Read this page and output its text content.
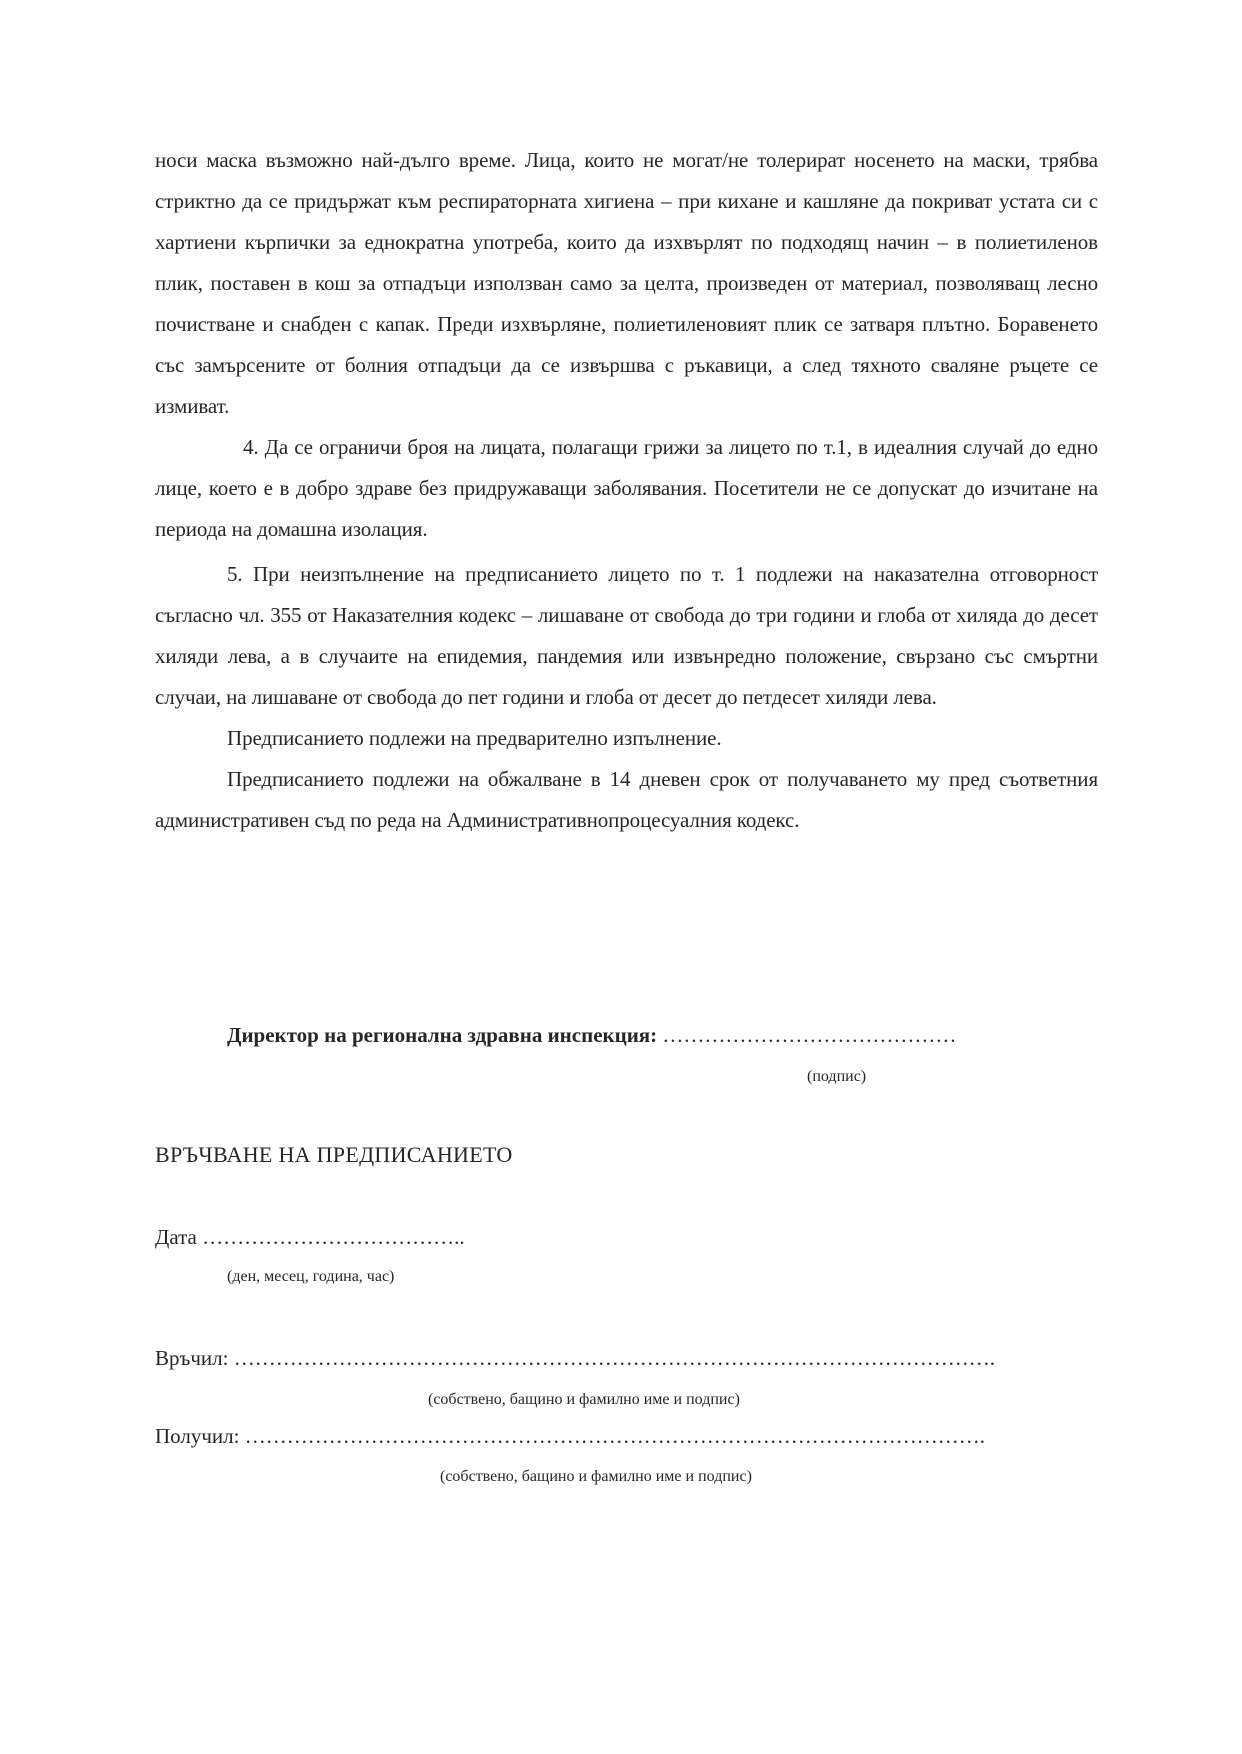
носи маска възможно най-дълго време. Лица, които не могат/не толерират носенето на маски, трябва стриктно да се придържат към респираторната хигиена – при кихане и кашляне да покриват устата си с хартиени кърпички за еднократна употреба, които да изхвърлят по подходящ начин – в полиетиленов плик, поставен в кош за отпадъци използван само за целта, произведен от материал, позволяващ лесно почистване и снабден с капак. Преди изхвърляне, полиетиленовият плик се затваря плътно. Боравенето със замърсените от болния отпадъци да се извършва с ръкавици, а след тяхното сваляне ръцете се измиват.

4. Да се ограничи броя на лицата, полагащи грижи за лицето по т.1, в идеалния случай до едно лице, което е в добро здраве без придружаващи заболявания. Посетители не се допускат до изчитане на периода на домашна изолация.

5. При неизпълнение на предписанието лицето по т. 1 подлежи на наказателна отговорност съгласно чл. 355 от Наказателния кодекс – лишаване от свобода до три години и глоба от хиляда до десет хиляди лева, а в случаите на епидемия, пандемия или извънредно положение, свързано със смъртни случаи, на лишаване от свобода до пет години и глоба от десет до петдесет хиляди лева.

Предписанието подлежи на предварително изпълнение.

Предписанието подлежи на обжалване в 14 дневен срок от получаването му пред съответния административен съд по реда на Административнопроцесуалния кодекс.

Директор на регионална здравна инспекция: ……………………………………
(подпис)
ВРЪЧВАНЕ НА ПРЕДПИСАНИЕТО
Дата ………………………………..
(ден, месец, година, час)
Връчил: ……………………………………………………………………………………………….
(собствено, бащино и фамилно име и подпис)
Получил: …………………………………………………………………………………………….
(собствено, бащино и фамилно име и подпис)
